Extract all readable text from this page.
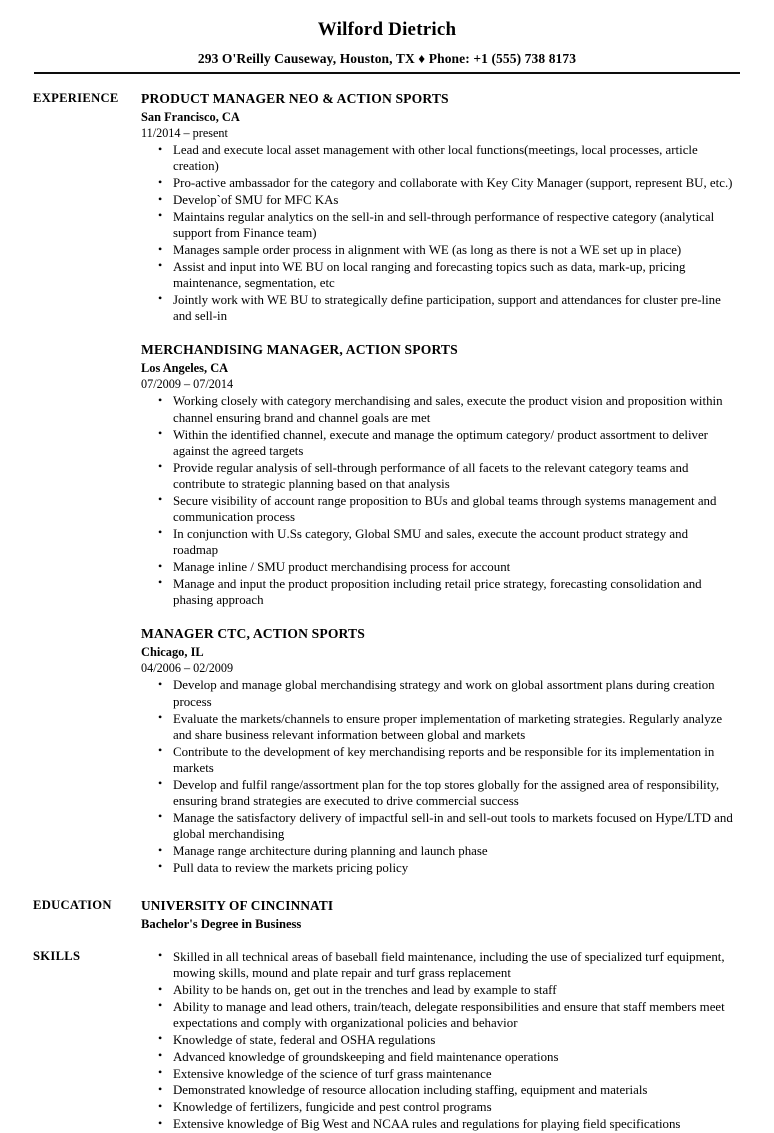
Wilford Dietrich
293 O'Reilly Causeway, Houston, TX ♦ Phone: +1 (555) 738 8173
EXPERIENCE	PRODUCT MANAGER NEO & ACTION SPORTS
San Francisco, CA
11/2014 – present
• Lead and execute local asset management with other local functions(meetings, local processes, article creation)
• Pro-active ambassador for the category and collaborate with Key City Manager (support, represent BU, etc.)
• Develop`of SMU for MFC KAs
• Maintains regular analytics on the sell-in and sell-through performance of respective category (analytical support from Finance team)
• Manages sample order process in alignment with WE (as long as there is not a WE set up in place)
• Assist and input into WE BU on local ranging and forecasting topics such as data, mark-up, pricing maintenance, segmentation, etc
• Jointly work with WE BU to strategically define participation, support and attendances for cluster pre-line and sell-in
MERCHANDISING MANAGER, ACTION SPORTS
Los Angeles, CA
07/2009 – 07/2014
• Working closely with category merchandising and sales, execute the product vision and proposition within channel ensuring brand and channel goals are met
• Within the identified channel, execute and manage the optimum category/ product assortment to deliver against the agreed targets
• Provide regular analysis of sell-through performance of all facets to the relevant category teams and contribute to strategic planning based on that analysis
• Secure visibility of account range proposition to BUs and global teams through systems management and communication process
• In conjunction with U.Ss category, Global SMU and sales, execute the account product strategy and roadmap
• Manage inline / SMU product merchandising process for account
• Manage and input the product proposition including retail price strategy, forecasting consolidation and phasing approach
MANAGER CTC, ACTION SPORTS
Chicago, IL
04/2006 – 02/2009
• Develop and manage global merchandising strategy and work on global assortment plans during creation process
• Evaluate the markets/channels to ensure proper implementation of marketing strategies. Regularly analyze and share business relevant information between global and markets
• Contribute to the development of key merchandising reports and be responsible for its implementation in markets
• Develop and fulfil range/assortment plan for the top stores globally for the assigned area of responsibility, ensuring brand strategies are executed to drive commercial success
• Manage the satisfactory delivery of impactful sell-in and sell-out tools to markets focused on Hype/LTD and global merchandising
• Manage range architecture during planning and launch phase
• Pull data to review the markets pricing policy
EDUCATION	UNIVERSITY OF CINCINNATI
Bachelor's Degree in Business
SKILLS	• Skilled in all technical areas of baseball field maintenance, including the use of specialized turf equipment, mowing skills, mound and plate repair and turf grass replacement
• Ability to be hands on, get out in the trenches and lead by example to staff
• Ability to manage and lead others, train/teach, delegate responsibilities and ensure that staff members meet expectations and comply with organizational policies and behavior
• Knowledge of state, federal and OSHA regulations
• Advanced knowledge of groundskeeping and field maintenance operations
• Extensive knowledge of the science of turf grass maintenance
• Demonstrated knowledge of resource allocation including staffing, equipment and materials
• Knowledge of fertilizers, fungicide and pest control programs
• Extensive knowledge of Big West and NCAA rules and regulations for playing field specifications
